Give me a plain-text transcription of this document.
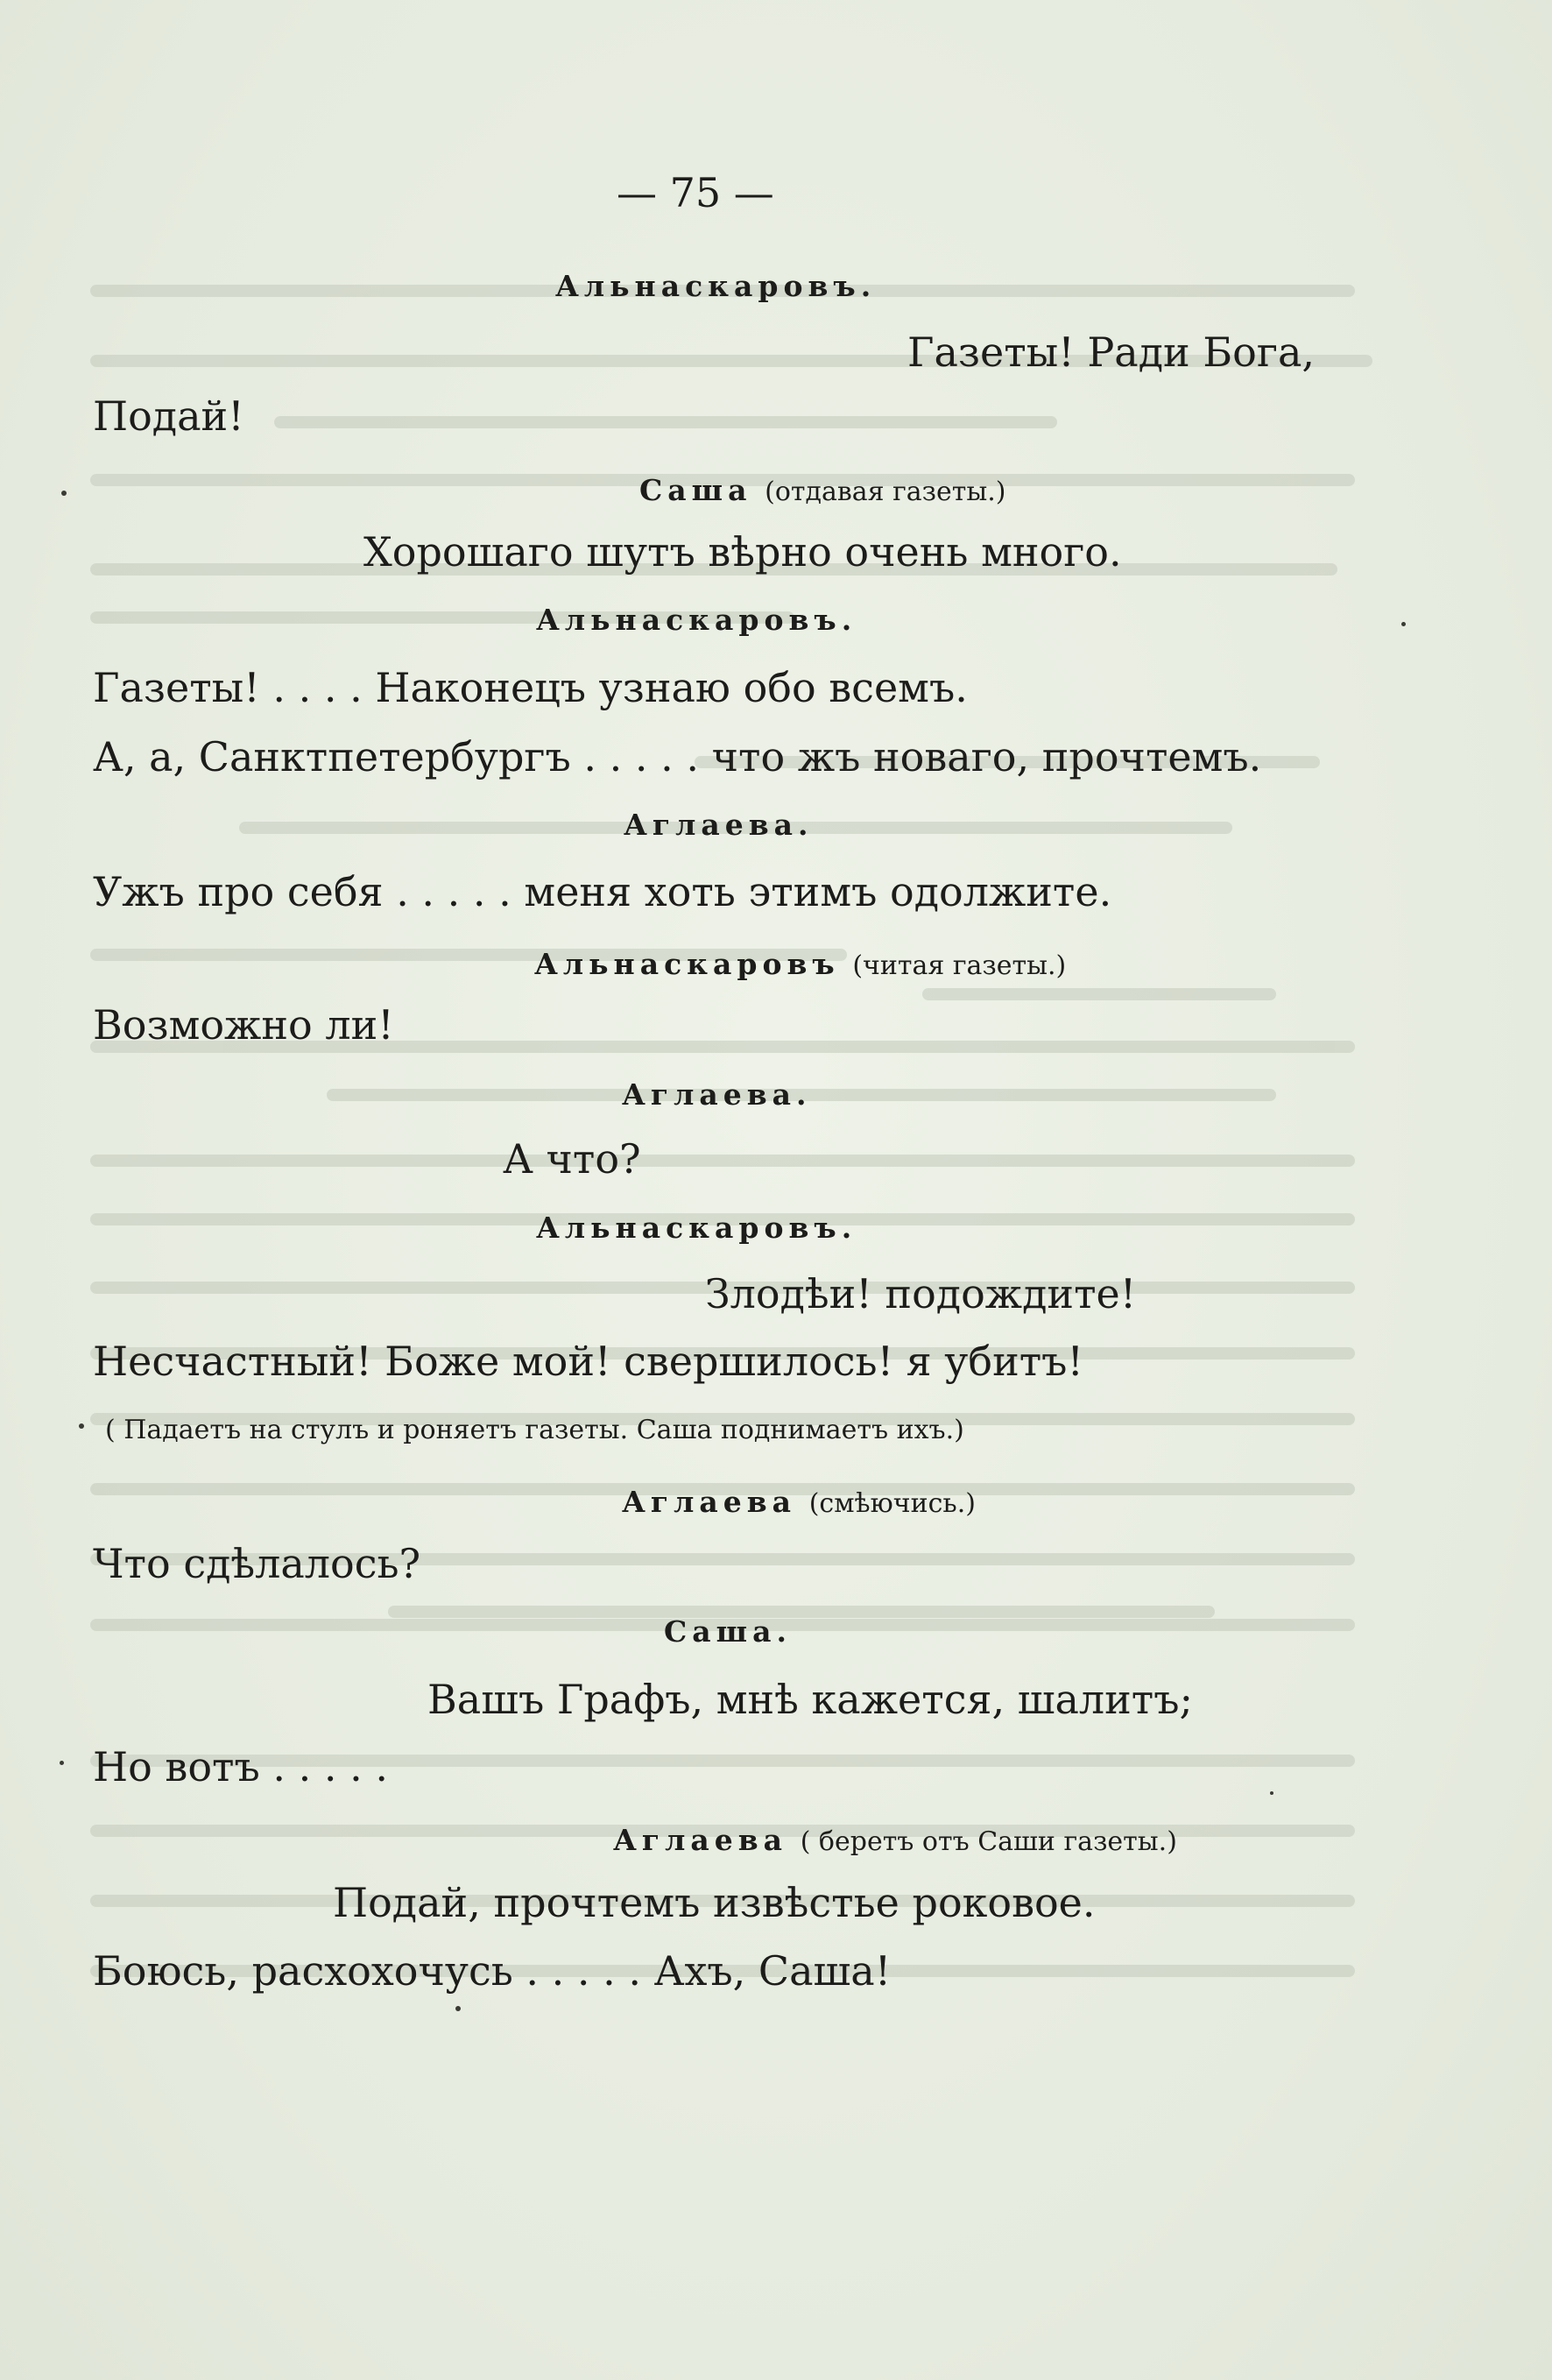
— 75 —
Альнаскаровъ.
Газеты! Ради Бога,
Подай!
Саша (отдавая газеты.)
Хорошаго шутъ вѣрно очень много.
Альнаскаровъ.
Газеты! . . . . Наконецъ узнаю обо всемъ.
А, а, Санктпетербургъ . . . . . что жъ новаго, прочтемъ.
Аглаева.
Ужъ про себя . . . . . меня хоть этимъ одолжите.
Альнаскаровъ (читая газеты.)
Возможно ли!
Аглаева.
А что?
Альнаскаровъ.
Злодѣи! подождите!
Несчастный! Боже мой! свершилось! я убитъ!
( Падаетъ на стулъ и роняетъ газеты. Саша поднимаетъ ихъ.)
Аглаева (смѣючись.)
Что сдѣлалось?
Саша.
Вашъ Графъ, мнѣ кажется, шалитъ;
Но вотъ . . . . .
Аглаева ( беретъ отъ Саши газеты.)
Подай, прочтемъ извѣстье роковое.
Боюсь, расхохочусь . . . . . Ахъ, Саша!
